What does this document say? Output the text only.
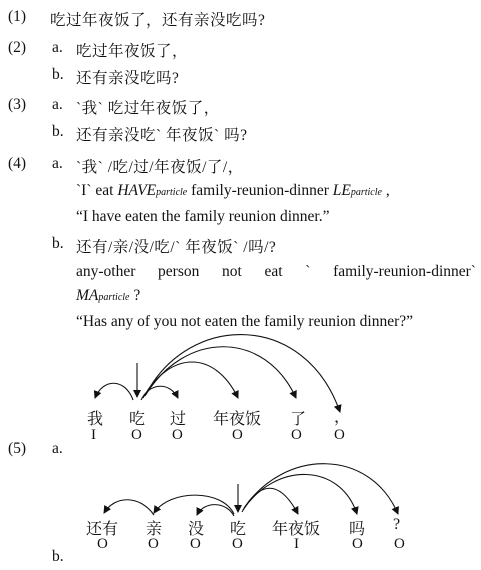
(1) 吃过年夜饭了，还有亲没吃吗?
(2) a. 吃过年夜饭了，
b. 还有亲没吃吗?
(3) a. `我` 吃过年夜饭了，
b. 还有亲没吃` 年夜饭` 吗?
(4) a. `我` /吃/过/年夜饭/了/，
`I` eat HAVEparticle family-reunion-dinner LEparticle ,
“I have eaten the family reunion dinner.”
b. 还有/亲/没/吃/` 年夜饭` /吗/?
any-other person not eat ` family-reunion-dinner`
MAparticle ?
“Has any of you not eaten the family reunion dinner?”
我 吃 过 年夜饭 了 ，
I O O	O	O O
(5) a.
还有 亲 没 吃 年夜饭 吗 ?
O	O O O	I	O O
b.
